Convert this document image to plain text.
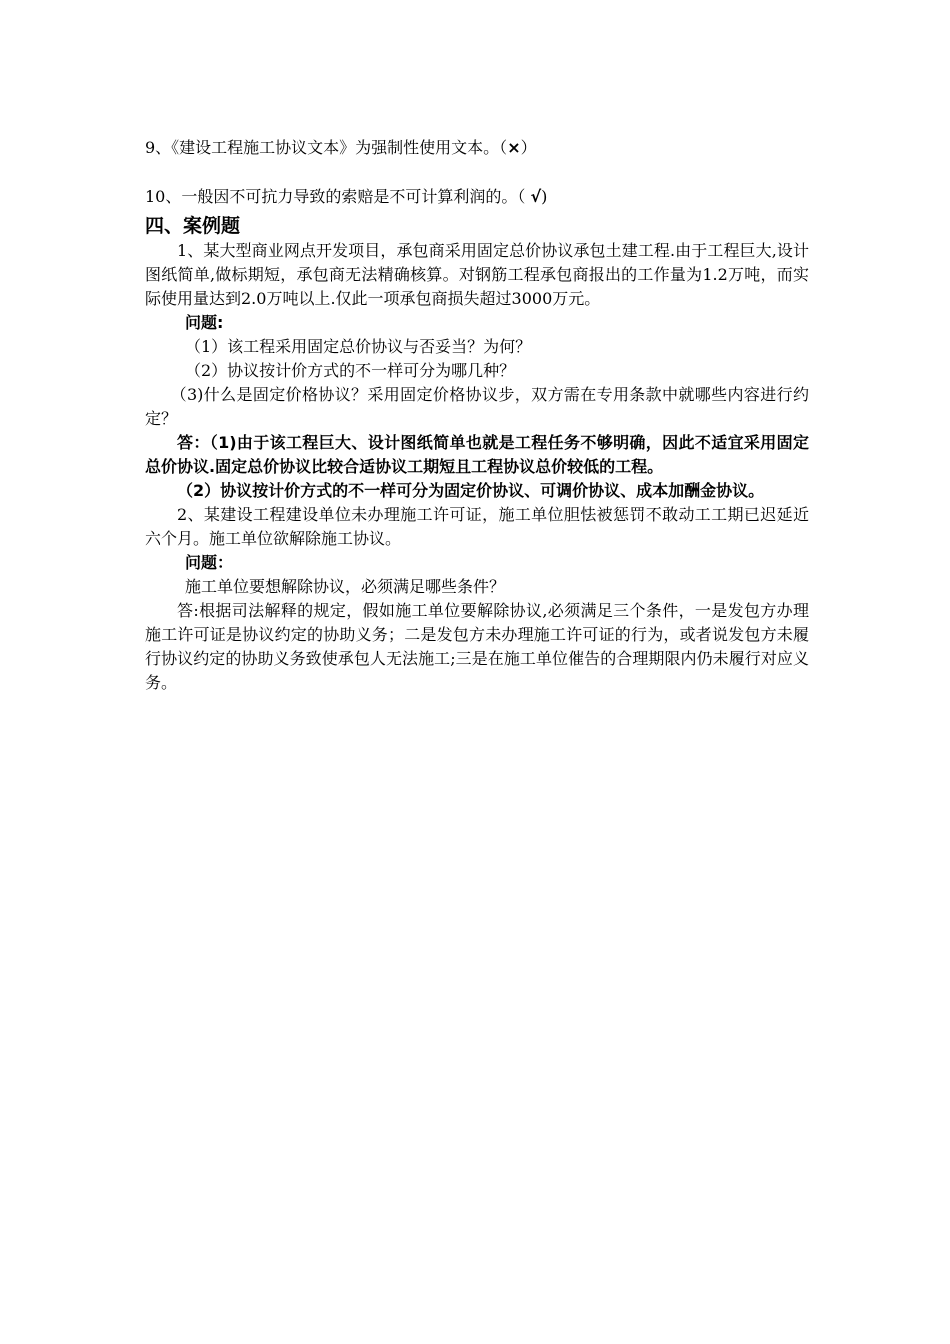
9、《建设工程施工协议文本》为强制性使用文本。（×）

10、一般因不可抗力导致的索赔是不可计算利润的。（ √)

四、案例题

1、某大型商业网点开发项目，承包商采用固定总价协议承包土建工程.由于工程巨大,设计图纸简单,做标期短，承包商无法精确核算。对钢筋工程承包商报出的工作量为1.2万吨，而实际使用量达到2.0万吨以上.仅此一项承包商损失超过3000万元。

问题:

（1）该工程采用固定总价协议与否妥当？为何？

（2）协议按计价方式的不一样可分为哪几种？

（3)什么是固定价格协议？采用固定价格协议步，双方需在专用条款中就哪些内容进行约定？

答：（1)由于该工程巨大、设计图纸简单也就是工程任务不够明确，因此不适宜采用固定总价协议.固定总价协议比较合适协议工期短且工程协议总价较低的工程。

（2）协议按计价方式的不一样可分为固定价协议、可调价协议、成本加酬金协议。

2、某建设工程建设单位未办理施工许可证，施工单位胆怯被惩罚不敢动工工期已迟延近六个月。施工单位欲解除施工协议。

问题：

施工单位要想解除协议，必须满足哪些条件？

答:根据司法解释的规定，假如施工单位要解除协议,必须满足三个条件，一是发包方办理施工许可证是协议约定的协助义务；二是发包方未办理施工许可证的行为，或者说发包方未履行协议约定的协助义务致使承包人无法施工;三是在施工单位催告的合理期限内仍未履行对应义务。
